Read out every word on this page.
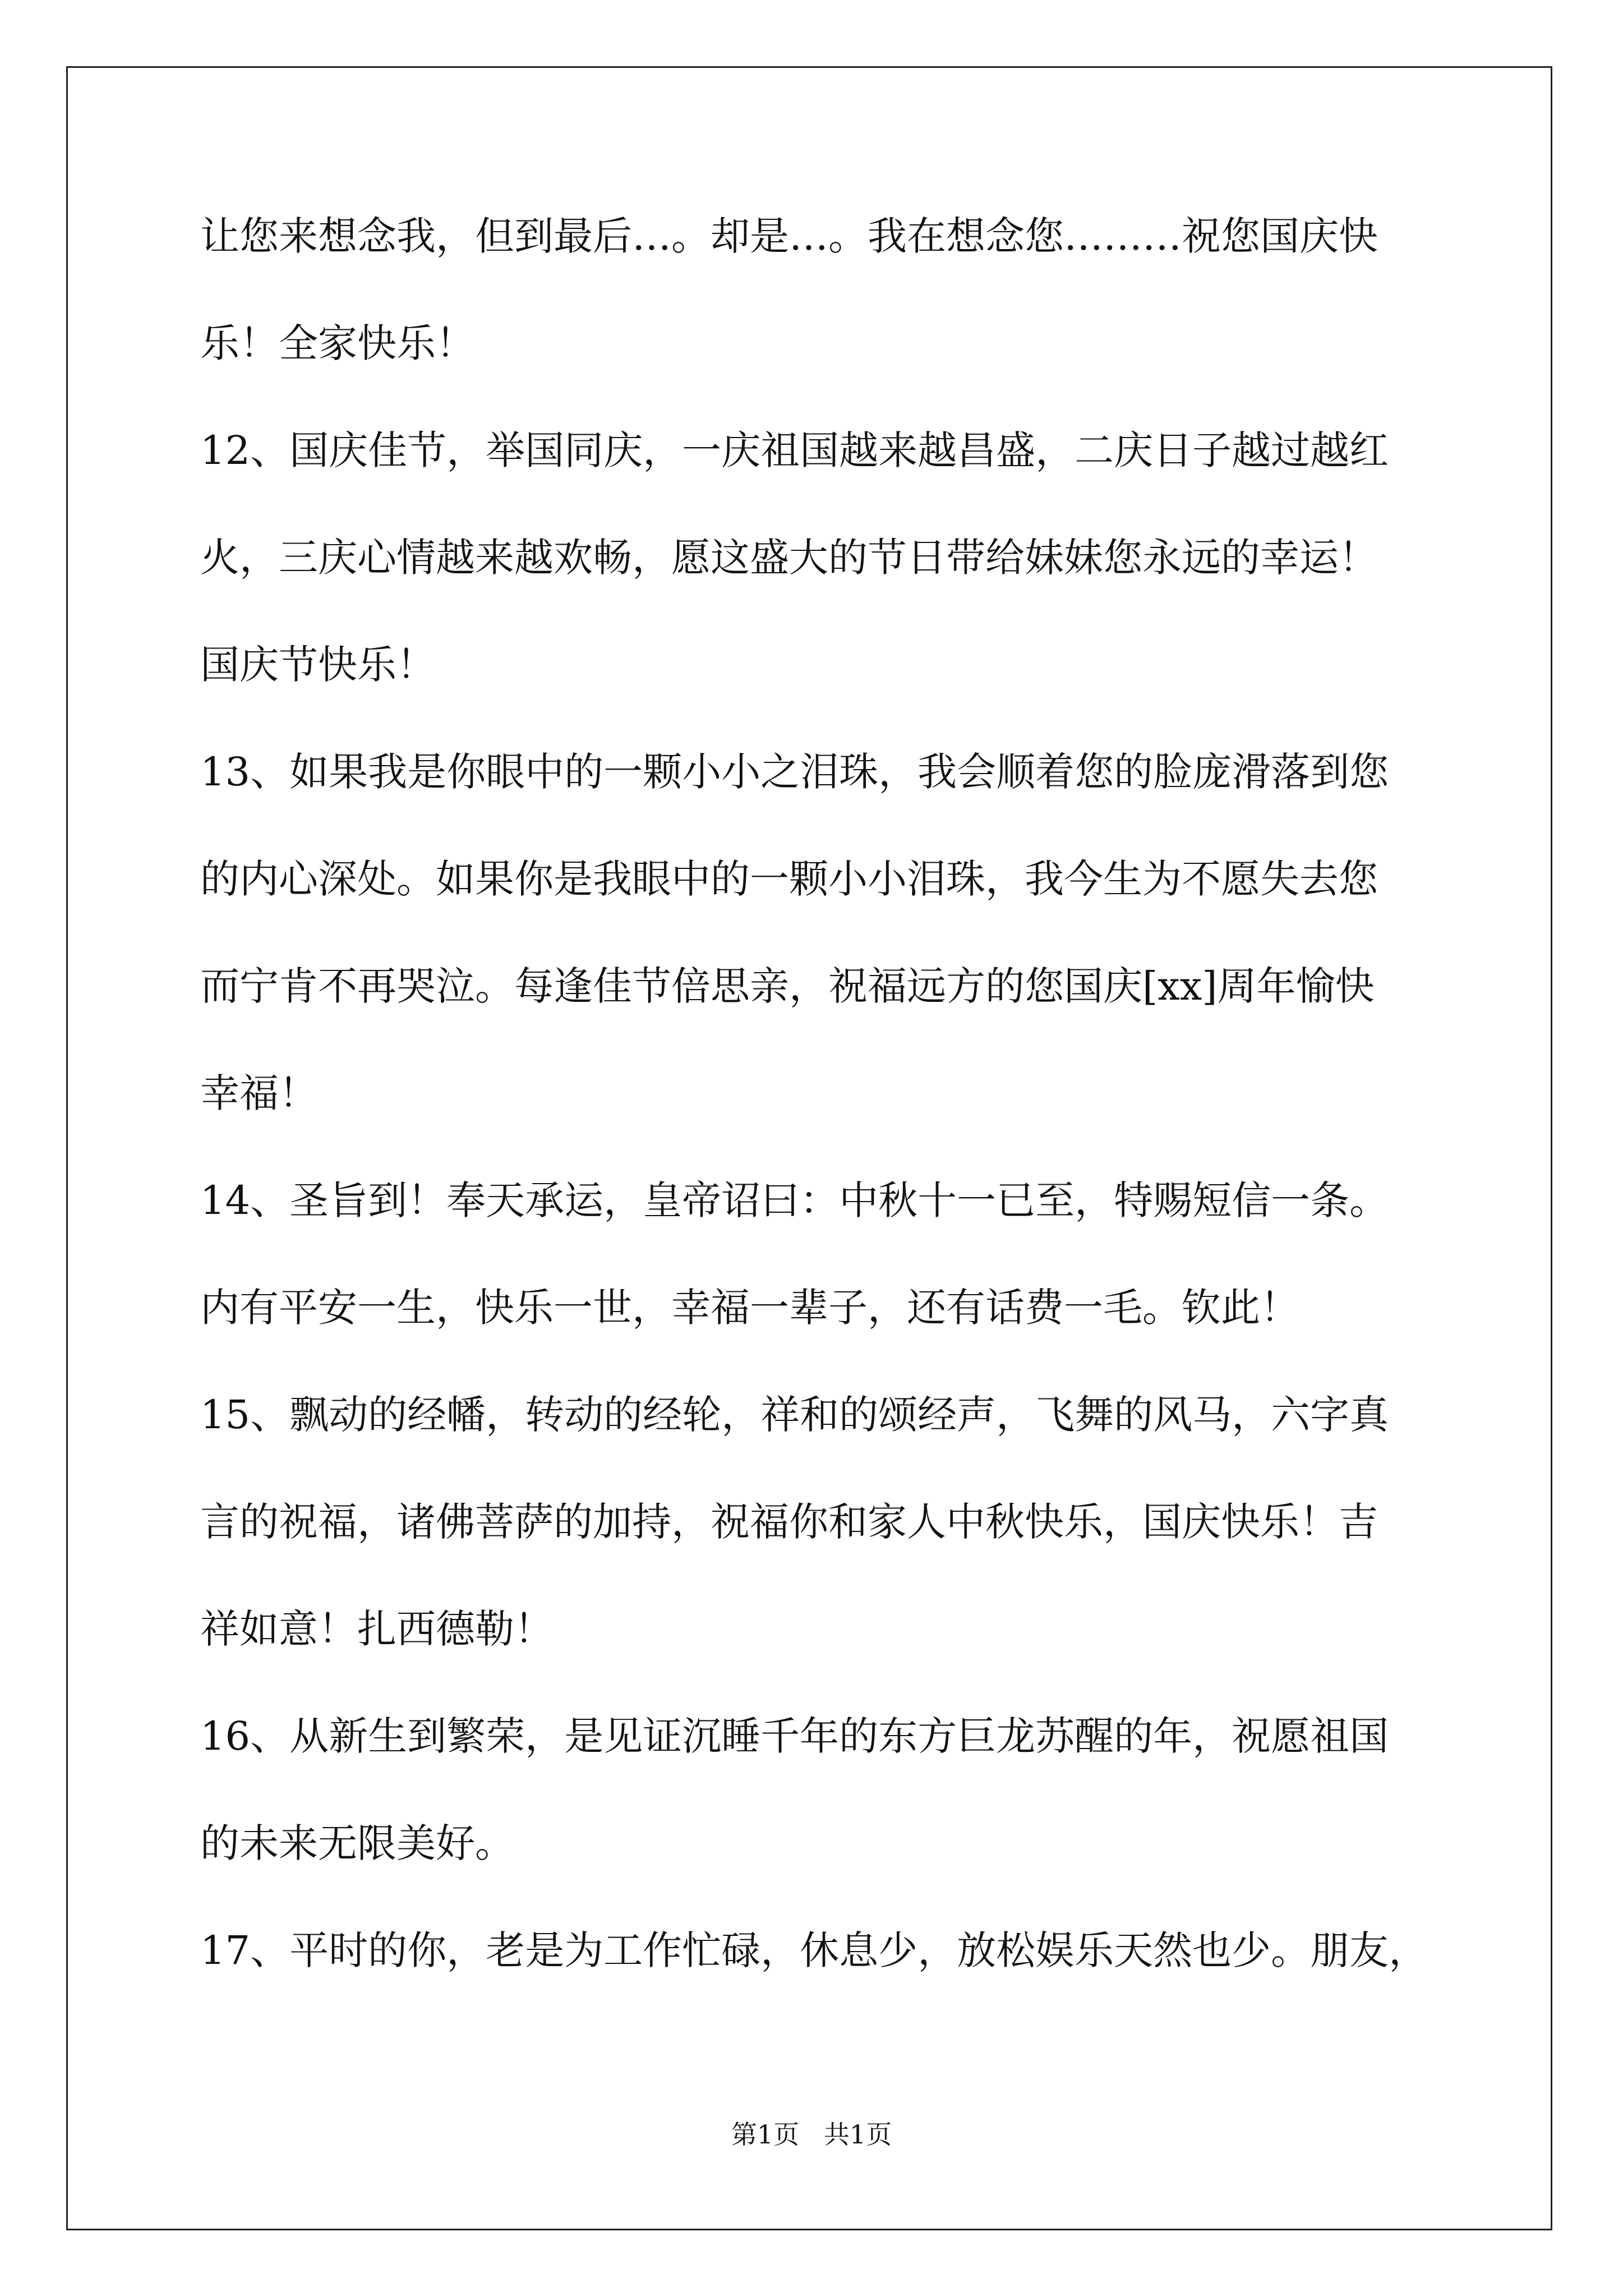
让您来想念我，但到最后…。却是…。我在想念您………祝您国庆快
乐！全家快乐！
12、国庆佳节，举国同庆，一庆祖国越来越昌盛，二庆日子越过越红
火，三庆心情越来越欢畅，愿这盛大的节日带给妹妹您永远的幸运！
国庆节快乐！
13、如果我是你眼中的一颗小小之泪珠，我会顺着您的脸庞滑落到您
的内心深处。如果你是我眼中的一颗小小泪珠，我今生为不愿失去您
而宁肯不再哭泣。每逢佳节倍思亲，祝福远方的您国庆[xx]周年愉快
幸福！
14、圣旨到！奉天承运，皇帝诏曰：中秋十一已至，特赐短信一条。
内有平安一生，快乐一世，幸福一辈子，还有话费一毛。钦此！
15、飘动的经幡，转动的经轮，祥和的颂经声，飞舞的风马，六字真
言的祝福，诸佛菩萨的加持，祝福你和家人中秋快乐，国庆快乐！吉
祥如意！扎西德勒！
16、从新生到繁荣，是见证沉睡千年的东方巨龙苏醒的年，祝愿祖国
的未来无限美好。
17、平时的你，老是为工作忙碌，休息少，放松娱乐天然也少。朋友，
第1页   共1页
